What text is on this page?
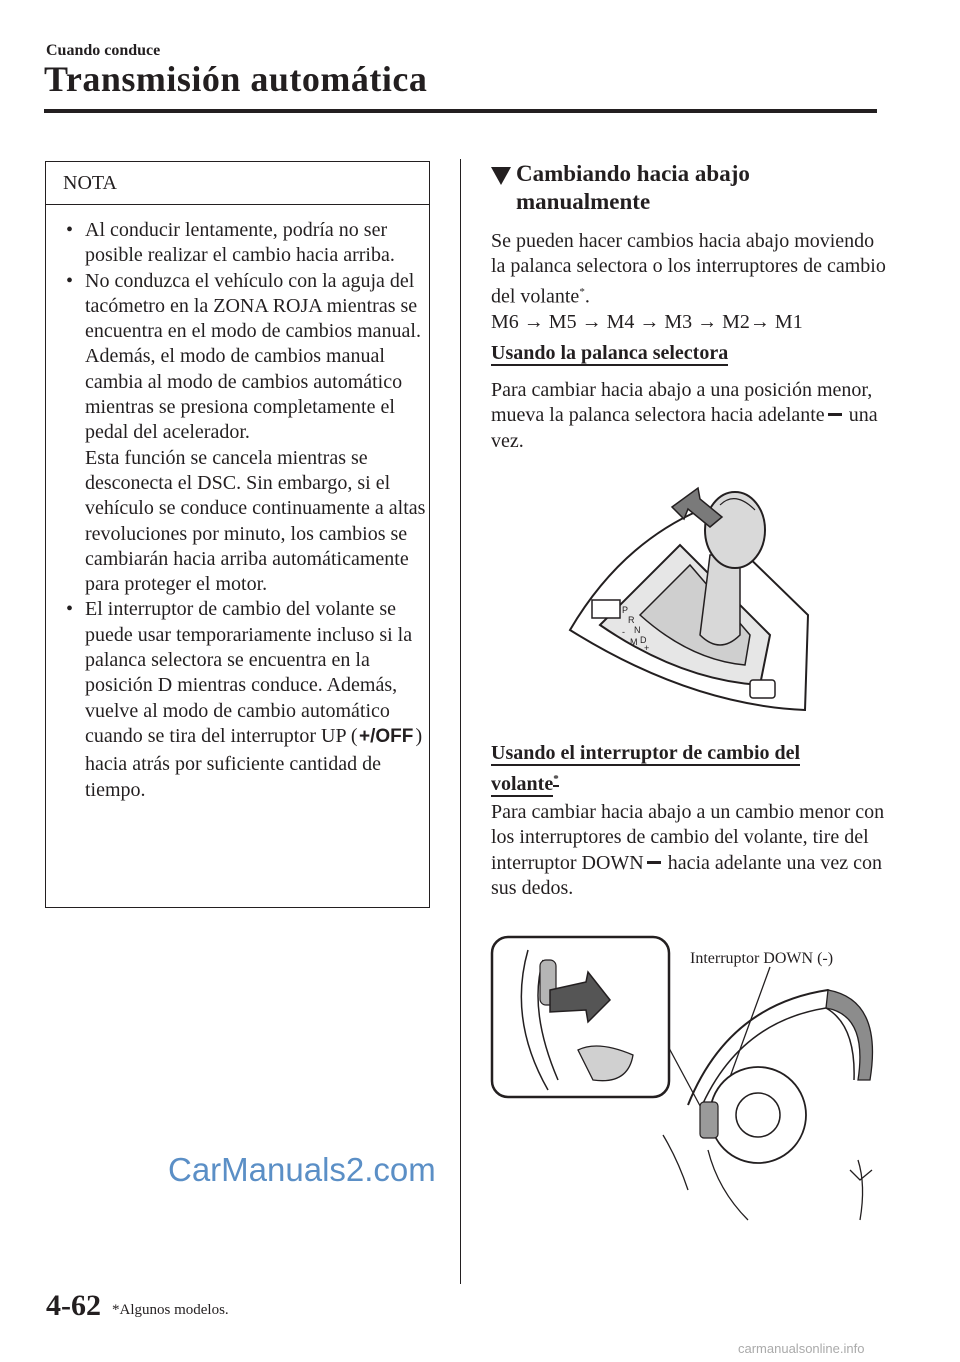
Cuando conduce
Transmisión automática
NOTA
• Al conducir lentamente, podría no ser posible realizar el cambio hacia arriba.
• No conduzca el vehículo con la aguja del tacómetro en la ZONA ROJA mientras se encuentra en el modo de cambios manual. Además, el modo de cambios manual cambia al modo de cambios automático mientras se presiona completamente el pedal del acelerador.
Esta función se cancela mientras se desconecta el DSC. Sin embargo, si el vehículo se conduce continuamente a altas revoluciones por minuto, los cambios se cambiarán hacia arriba automáticamente para proteger el motor.
• El interruptor de cambio del volante se puede usar temporariamente incluso si la palanca selectora se encuentra en la posición D mientras conduce. Además, vuelve al modo de cambio automático cuando se tira del interruptor UP ( +/OFF ) hacia atrás por suficiente cantidad de tiempo.
Cambiando hacia abajo
manualmente
Se pueden hacer cambios hacia abajo moviendo la palanca selectora o los interruptores de cambio del volante*.
M6 → M5 → M4 → M3 → M2→ M1
Usando la palanca selectora
Para cambiar hacia abajo a una posición menor, mueva la palanca selectora hacia adelante una vez.
P
R
N
D
M
+
-
Usando el interruptor de cambio del volante*
Para cambiar hacia abajo a un cambio menor con los interruptores de cambio del volante, tire del interruptor DOWN hacia adelante una vez con sus dedos.
Interruptor DOWN (-)
CarManuals2.com
4-62 *Algunos modelos.
carmanualsonline.info
